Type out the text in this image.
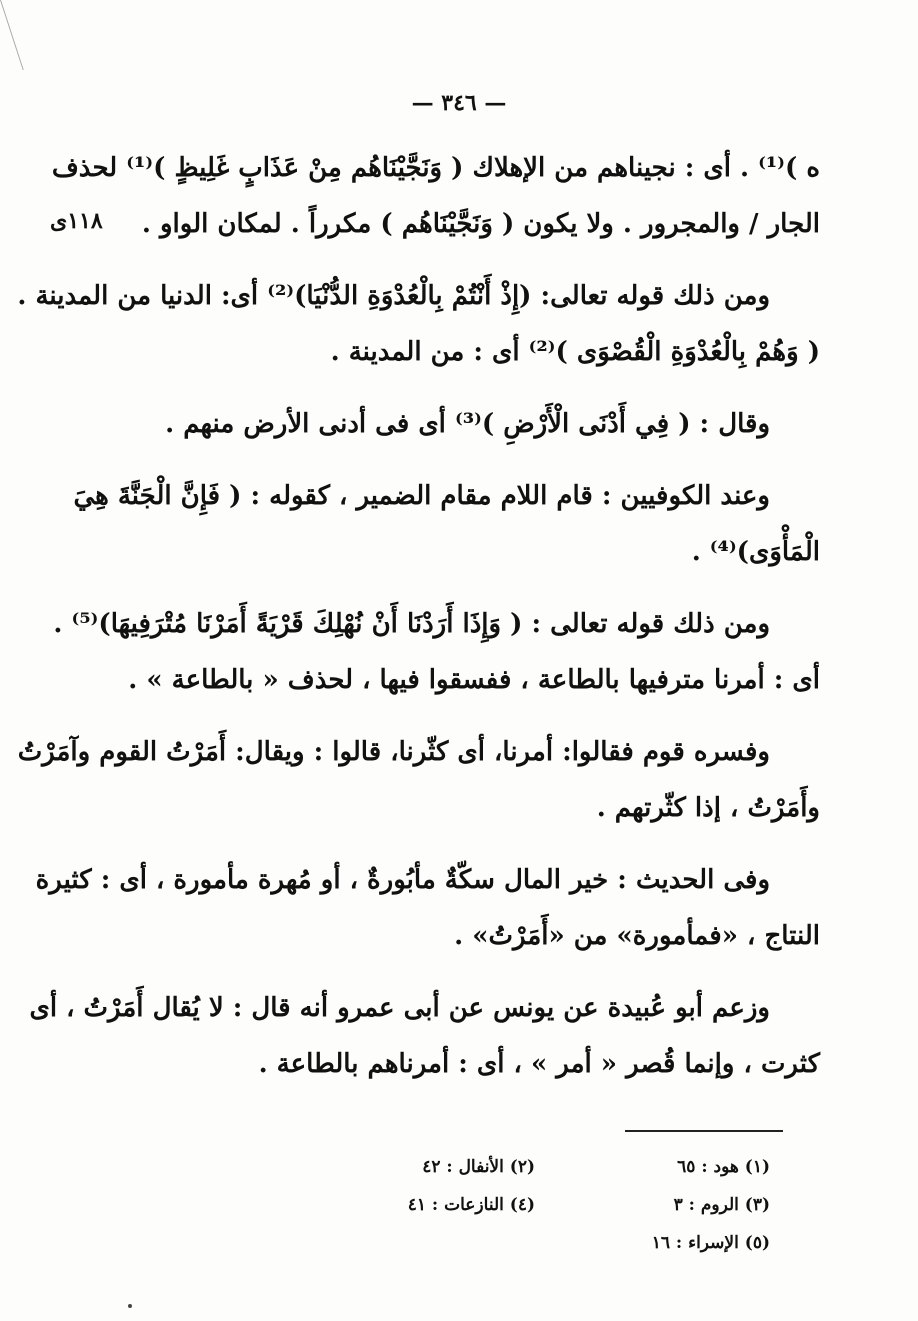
— ٣٤٦ —
١١٨ى
ه )⁽¹⁾ . أى : نجيناهم من الإهلاك ( وَنَجَّيْنَاهُم مِنْ عَذَابٍ غَلِيظٍ )⁽¹⁾ لحذف
الجار / والمجرور . ولا يكون ( وَنَجَّيْنَاهُم ) مكرراً . لمكان الواو .
ومن ذلك قوله تعالى: (إِذْ أَنْتُمْ بِالْعُدْوَةِ الدُّنْيَا)⁽²⁾ أى: الدنيا من المدينة .
( وَهُمْ بِالْعُدْوَةِ الْقُصْوَى )⁽²⁾ أى : من المدينة .
وقال : ( فِي أَدْنَى الْأَرْضِ )⁽³⁾ أى فى أدنى الأرض منهم .
وعند الكوفيين : قام اللام مقام الضمير ، كقوله : ( فَإِنَّ الْجَنَّةَ هِيَ
الْمَأْوَى)⁽⁴⁾ .
ومن ذلك قوله تعالى : ( وَإِذَا أَرَدْنَا أَنْ نُهْلِكَ قَرْيَةً أَمَرْنَا مُتْرَفِيهَا)⁽⁵⁾ .
أى : أمرنا مترفيها بالطاعة ، ففسقوا فيها ، لحذف « بالطاعة » .
وفسره قوم فقالوا: أمرنا، أى كثّرنا، قالوا : ويقال: أَمَرْتُ القوم وآمَرْتُ
وأَمَرْتُ ، إذا كثّرتهم .
وفى الحديث : خير المال سكّةٌ مأبُورةٌ ، أو مُهرة مأمورة ، أى : كثيرة
النتاج ، «فمأمورة» من «أَمَرْتُ» .
وزعم أبو عُبيدة عن يونس عن أبى عمرو أنه قال : لا يُقال أَمَرْتُ ، أى
كثرت ، وإنما قُصر « أمر » ، أى : أمرناهم بالطاعة .
(١) هود : ٦٥
(٢) الأنفال : ٤٢
(٣) الروم : ٣
(٤) النازعات : ٤١
(٥) الإسراء : ١٦
